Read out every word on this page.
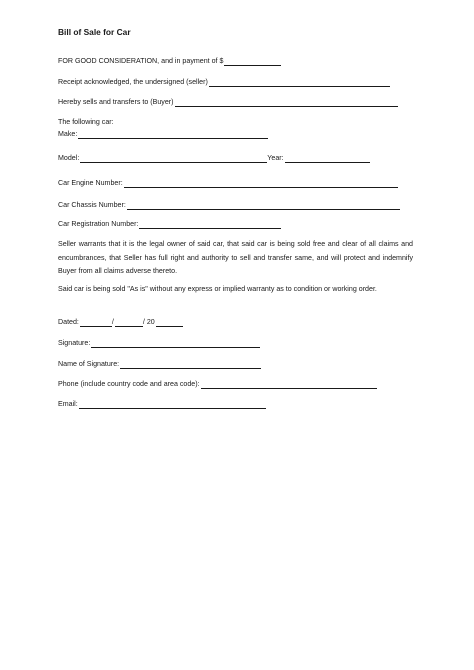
Bill of Sale for Car
FOR GOOD CONSIDERATION, and in payment of $
Receipt acknowledged, the undersigned (seller)
Hereby sells and transfers to (Buyer)
The following car:
Make:
Model:	Year:
Car Engine Number:
Car Chassis Number:
Car Registration Number:
Seller warrants that it is the legal owner of said car, that said car is being sold free and clear of all claims and encumbrances, that Seller has full right and authority to sell and transfer same, and will protect and indemnify Buyer from all claims adverse thereto.
Said car is being sold "As is" without any express or implied warranty as to condition or working order.
Dated:	/	/ 20
Signature:
Name of Signature:
Phone (include country code and area code):
Email:
